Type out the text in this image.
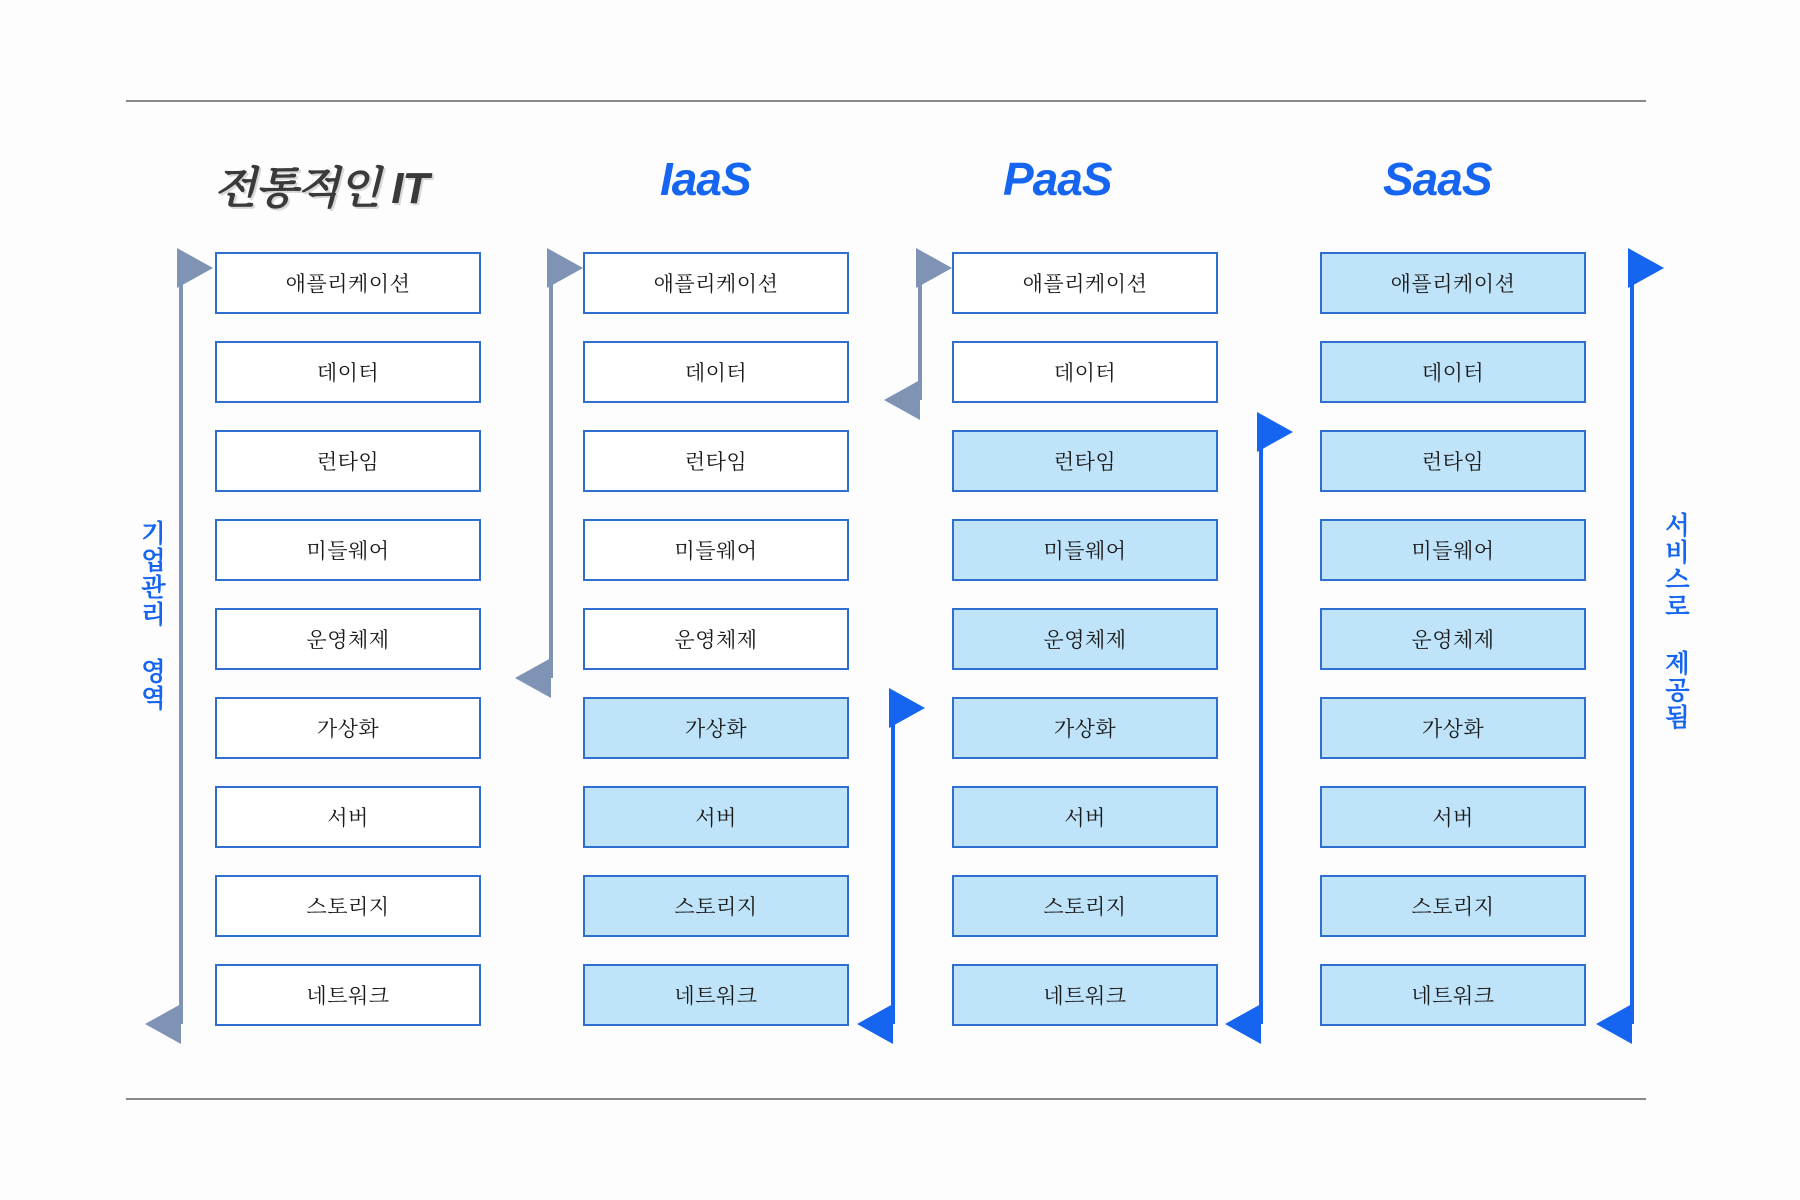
전통적인 IT	IaaS	PaaS	SaaS
애플리케이션
데이터
런타임
미들웨어
운영체제
가상화
서버
스토리지
네트워크
애플리케이션
데이터
런타임
미들웨어
운영체제
가상화
서버
스토리지
네트워크
애플리케이션
데이터
런타임
미들웨어
운영체제
가상화
서버
스토리지
네트워크
애플리케이션
데이터
런타임
미들웨어
운영체제
가상화
서버
스토리지
네트워크
기업관리 영역	서비스로 제공됨
